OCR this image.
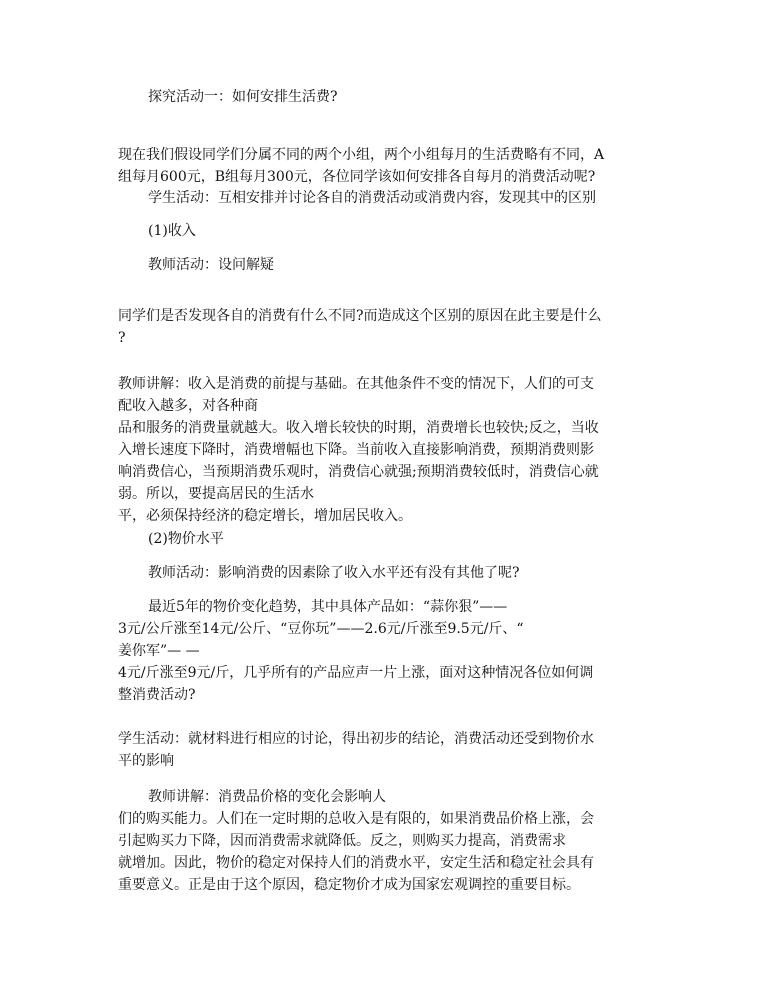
探究活动一：如何安排生活费?
现在我们假设同学们分属不同的两个小组，两个小组每月的生活费略有不同，A
组每月600元，B组每月300元，各位同学该如何安排各自每月的消费活动呢?
学生活动：互相安排并讨论各自的消费活动或消费内容，发现其中的区别
(1)收入
教师活动：设问解疑
同学们是否发现各自的消费有什么不同?而造成这个区别的原因在此主要是什么
?
教师讲解：收入是消费的前提与基础。在其他条件不变的情况下，人们的可支
配收入越多，对各种商
品和服务的消费量就越大。收入增长较快的时期，消费增长也较快;反之，当收
入增长速度下降时，消费增幅也下降。当前收入直接影响消费，预期消费则影
响消费信心，当预期消费乐观时，消费信心就强;预期消费较低时，消费信心就
弱。所以，要提高居民的生活水
平，必须保持经济的稳定增长，增加居民收入。
(2)物价水平
教师活动：影响消费的因素除了收入水平还有没有其他了呢?
最近5年的物价变化趋势，其中具体产品如：“蒜你狠”——
3元/公斤涨至14元/公斤、“豆你玩”——2.6元/斤涨至9.5元/斤、“
姜你军”— —
4元/斤涨至9元/斤，几乎所有的产品应声一片上涨，面对这种情况各位如何调
整消费活动?
学生活动：就材料进行相应的讨论，得出初步的结论，消费活动还受到物价水
平的影响
教师讲解：消费品价格的变化会影响人
们的购买能力。人们在一定时期的总收入是有限的，如果消费品价格上涨，会
引起购买力下降，因而消费需求就降低。反之，则购买力提高，消费需求
就增加。因此，物价的稳定对保持人们的消费水平，安定生活和稳定社会具有
重要意义。正是由于这个原因，稳定物价才成为国家宏观调控的重要目标。
